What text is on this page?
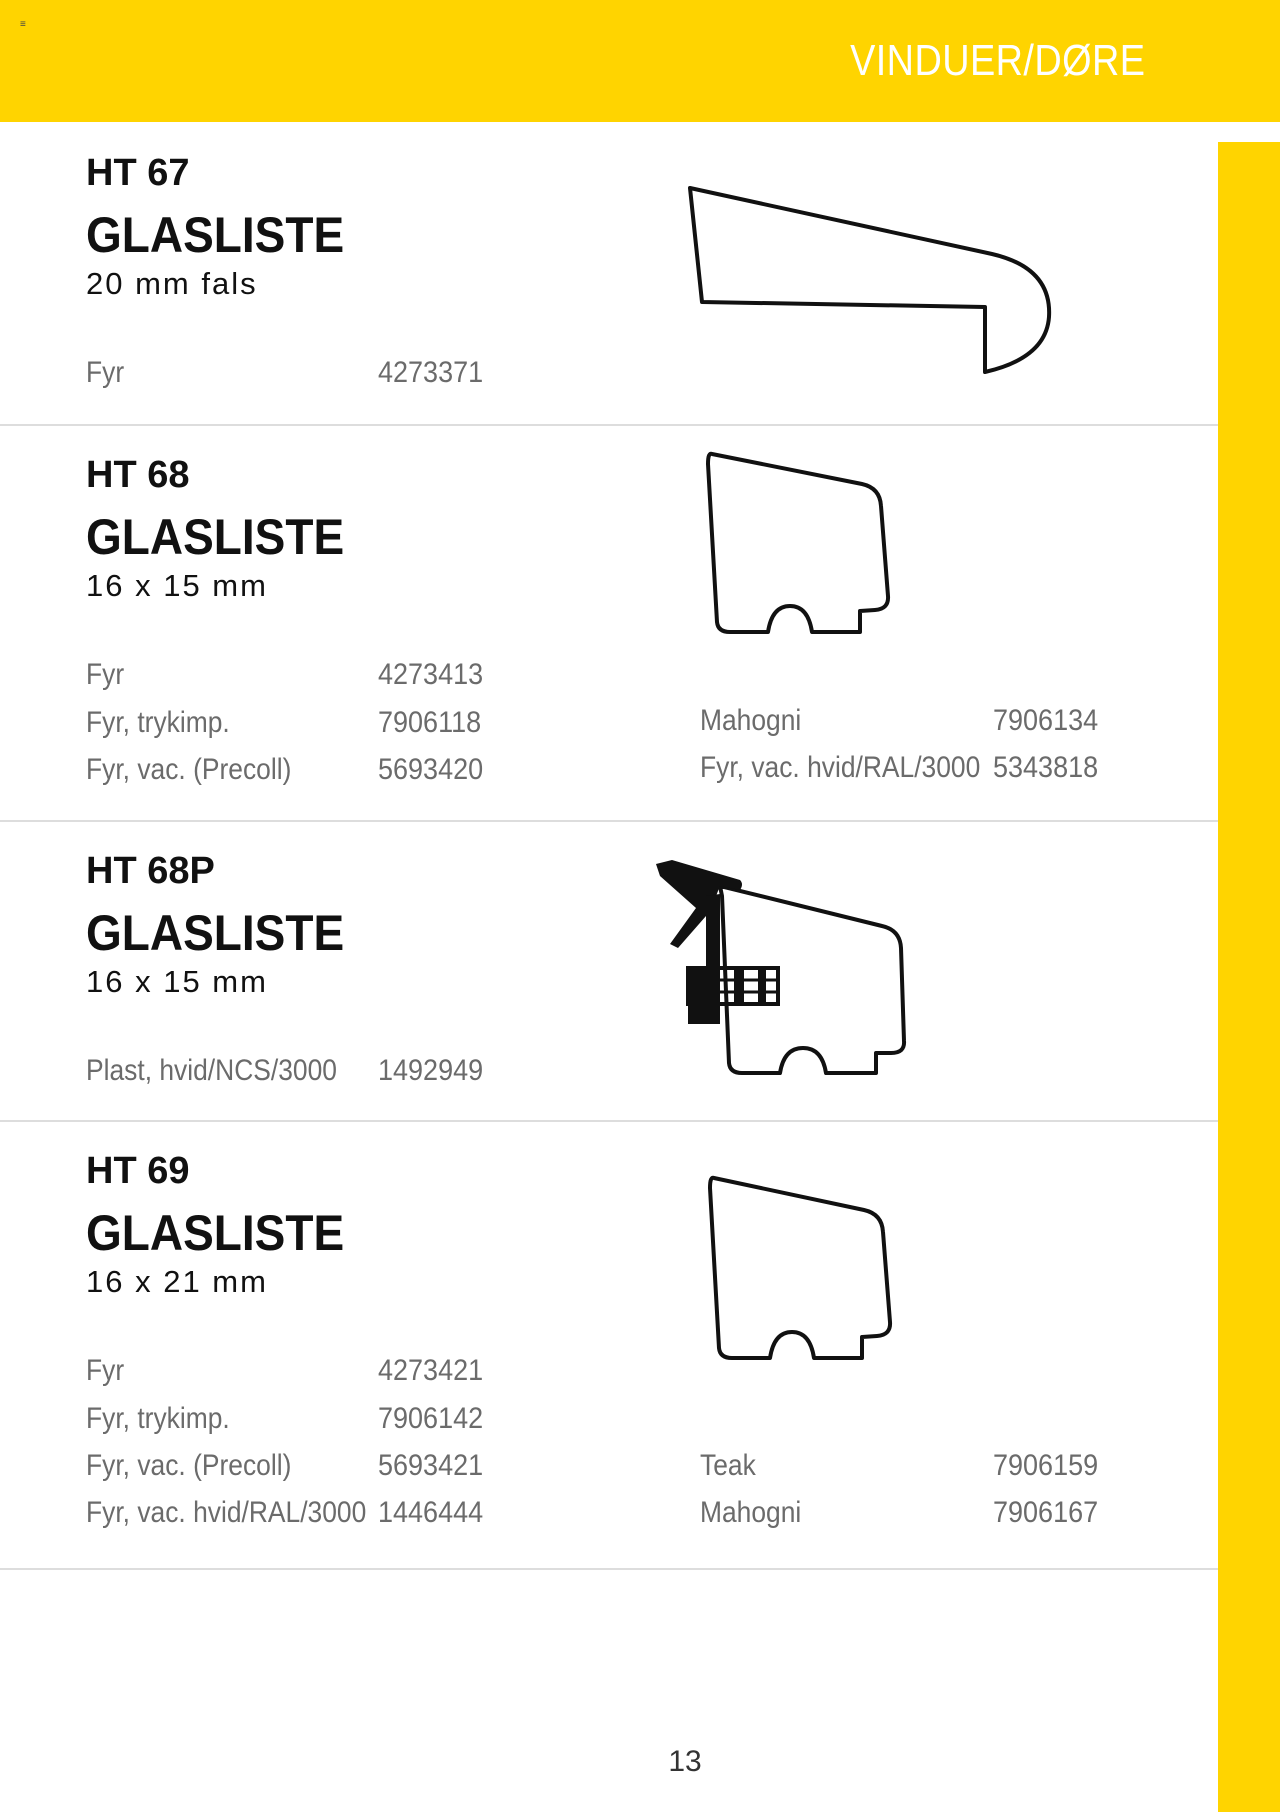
≡
VINDUER/DØRE
HT 67
GLASLISTE
20 mm fals
Fyr	4273371
HT 68
GLASLISTE
16 x 15 mm
Fyr	4273413
Fyr, trykimp.	7906118
Fyr, vac. (Precoll)	5693420
Mahogni	7906134
Fyr, vac. hvid/RAL/3000 5343818
HT 68P
GLASLISTE
16 x 15 mm
Plast, hvid/NCS/3000 1492949
HT 69
GLASLISTE
16 x 21 mm
Fyr	4273421
Fyr, trykimp.	7906142
Fyr, vac. (Precoll)	5693421
Fyr, vac. hvid/RAL/3000 1446444
Teak	7906159
Mahogni	7906167
13
